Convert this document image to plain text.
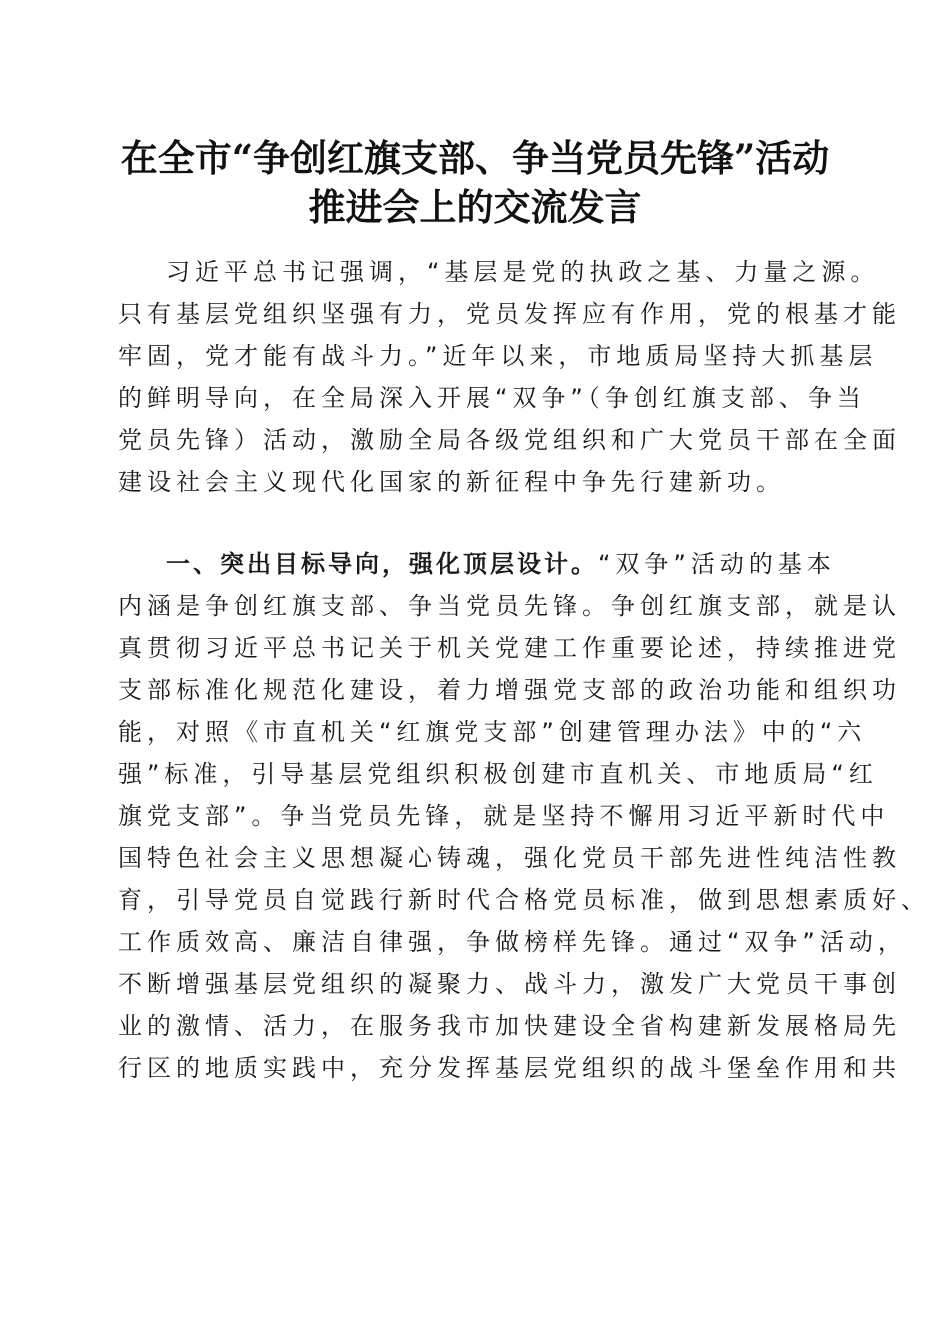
在全市“争创红旗支部、争当党员先锋”活动
推进会上的交流发言
习近平总书记强调，“基层是党的执政之基、力量之源。
只有基层党组织坚强有力，党员发挥应有作用，党的根基才能
牢固，党才能有战斗力。”近年以来，市地质局坚持大抓基层
的鲜明导向，在全局深入开展“双争”（争创红旗支部、争当
党员先锋）活动，激励全局各级党组织和广大党员干部在全面
建设社会主义现代化国家的新征程中争先行建新功。
一、突出目标导向，强化顶层设计。“双争”活动的基本
内涵是争创红旗支部、争当党员先锋。争创红旗支部，就是认
真贯彻习近平总书记关于机关党建工作重要论述，持续推进党
支部标准化规范化建设，着力增强党支部的政治功能和组织功
能，对照《市直机关“红旗党支部”创建管理办法》中的“六
强”标准，引导基层党组织积极创建市直机关、市地质局“红
旗党支部”。争当党员先锋，就是坚持不懈用习近平新时代中
国特色社会主义思想凝心铸魂，强化党员干部先进性纯洁性教
育，引导党员自觉践行新时代合格党员标准，做到思想素质好、
工作质效高、廉洁自律强，争做榜样先锋。通过“双争”活动，
不断增强基层党组织的凝聚力、战斗力，激发广大党员干事创
业的激情、活力，在服务我市加快建设全省构建新发展格局先
行区的地质实践中，充分发挥基层党组织的战斗堡垒作用和共
